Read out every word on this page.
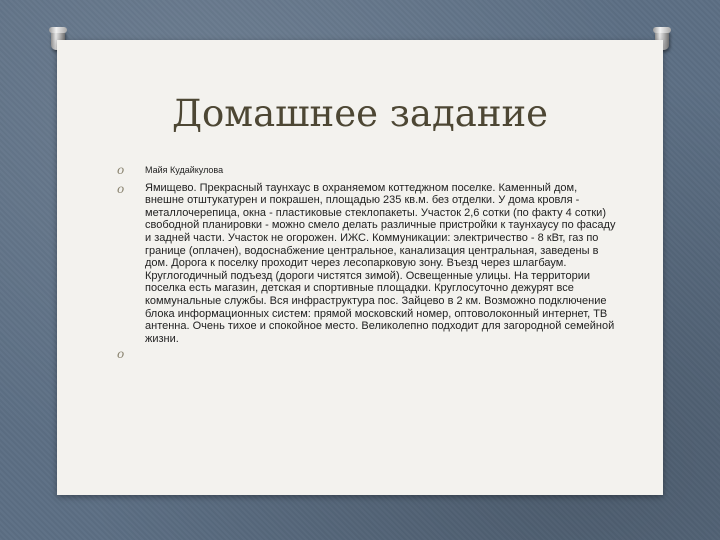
Домашнее задание
o Майя Кудайкулова
o Ямищево. Прекрасный таунхаус в охраняемом коттеджном поселке. Каменный дом, внешне отштукатурен и покрашен, площадью 235 кв.м. без отделки. У дома кровля - металлочерепица, окна - пластиковые стеклопакеты. Участок 2,6 сотки (по факту 4 сотки) свободной планировки - можно смело делать различные пристройки к таунхаусу по фасаду и задней части. Участок не огорожен. ИЖС. Коммуникации: электричество - 8 кВт, газ по границе (оплачен), водоснабжение центральное, канализация центральная, заведены в дом. Дорога к поселку проходит через лесопарковую зону. Въезд через шлагбаум. Круглогодичный подъезд (дороги чистятся зимой). Освещенные улицы. На территории поселка есть магазин, детская и спортивные площадки. Круглосуточно дежурят все коммунальные службы. Вся инфраструктура пос. Зайцево в 2 км. Возможно подключение блока информационных систем: прямой московский номер, оптоволоконный интернет, ТВ антенна. Очень тихое и спокойное место. Великолепно подходит для загородной семейной жизни.
o
